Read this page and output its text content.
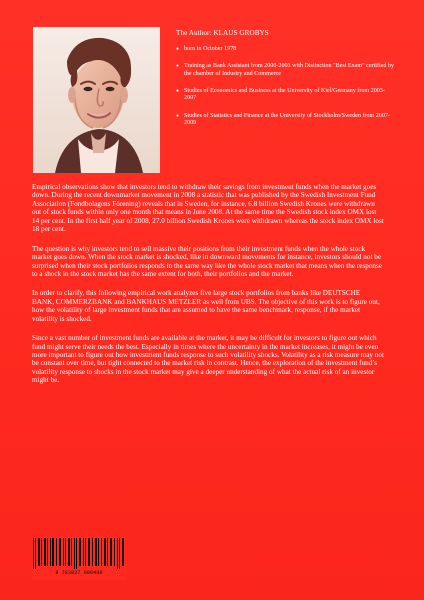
The Author: KLAUS GROBYS
● born in October 1978
● Training as Bank Assistant from 2000-2003 with Distinction "Best Exam" certified by the chamber of Industry and Commerce
● Studies of Economics and Business at the University of Kiel/Germany from 2003-2007
● Studies of Statistics and Finance at the University of Stockholm/Sweden from 2007-2009

Empirical observations show that investors tend to withdraw their savings from investment funds when the market goes down. During the recent downmarket movement in 2008 a statistic that was published by the Swedish Investment Fund Association (Fondbolagens Förening) reveals that in Sweden, for instance, 6.8 billion Swedish Krones were withdrawn out of stock funds within only one month that means in June 2008. At the same time the Swedish stock index OMX lost 14 per cent. In the first half year of 2008, 27.0 billion Swedish Krones were withdrawn whereas the stock index OMX lost 18 per cent.

The question is why investors tend to sell massive their positions from their investment funds when the whole stock market goes down. When the stock market is shocked, like in downward movements for instance, investors should not be surprised when their stock portfolios responds in the same way like the whole stock market that means when the response to a shock in the stock market has the same extent for both, their portfolios and the market.

In order to clarify, this following empirical work analyzes five large stock portfolios from banks like DEUTSCHE BANK, COMMERZBANK and BANKHAUS METZLER as well from UBS. The objective of this work is to figure out, how the volatility of large investment funds that are assumed to have the same benchmark, response, if the market volatility is shocked.

Since a vast number of investment funds are available at the market, it may be difficult for investors to figure out which fund might serve their needs the best. Especially in times where the uncertainty in the market increases, it might be even more important to figure out how investment funds response to such volatility shocks. Volatility as a risk measure may not be constant over time, but tight connected to the market risk in contrast. Hence, the exploration of the investment fund’s volatility response to shocks in the stock market may give a deeper understanding of what the actual risk of an investor might be.

9 783837 090499
